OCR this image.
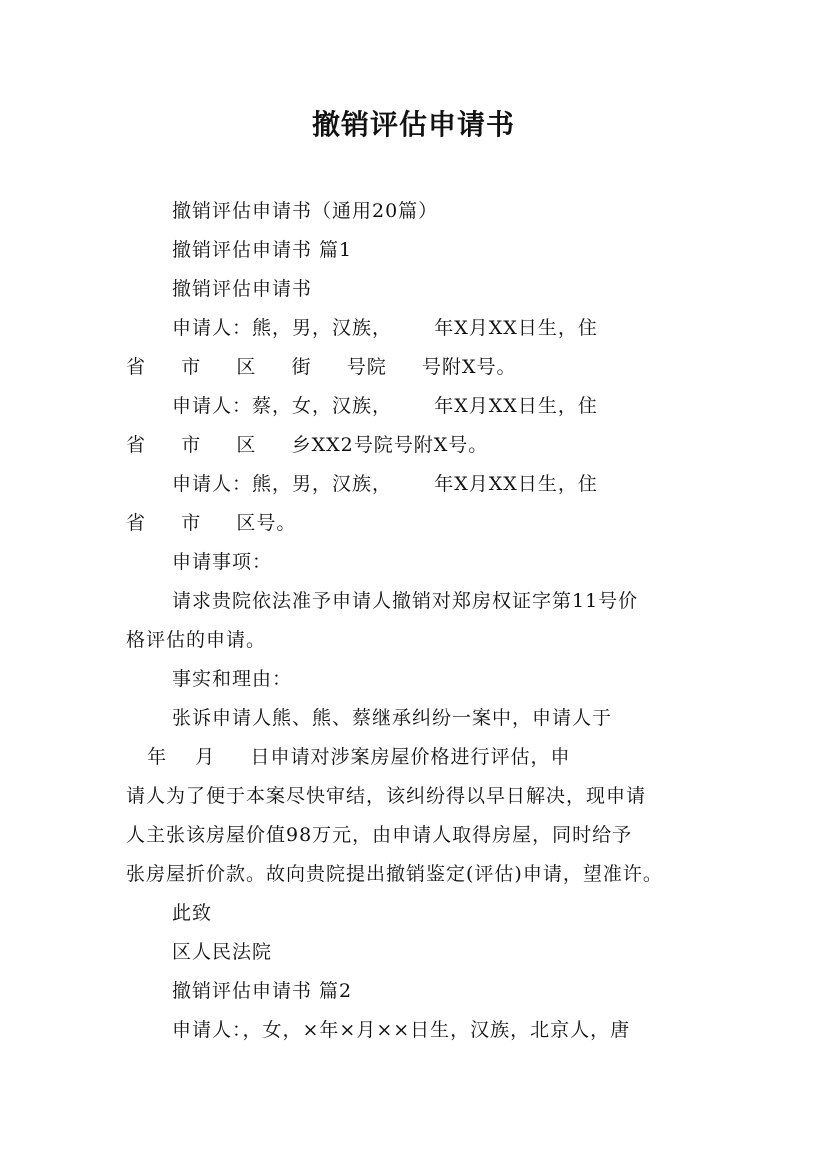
撤销评估申请书
撤销评估申请书（通用20篇）
撤销评估申请书 篇1
撤销评估申请书
申请人：熊，男，汉族，      年X月XX日生，住
省     市     区     街     号院     号附X号。
申请人：蔡，女，汉族，      年X月XX日生，住
省     市     区     乡XX2号院号附X号。
申请人：熊，男，汉族，      年X月XX日生，住
省     市     区号。
申请事项：
请求贵院依法准予申请人撤销对郑房权证字第11号价
格评估的申请。
事实和理由：
张诉申请人熊、熊、蔡继承纠纷一案中，申请人于
年    月     日申请对涉案房屋价格进行评估，申
请人为了便于本案尽快审结，该纠纷得以早日解决，现申请
人主张该房屋价值98万元，由申请人取得房屋，同时给予
张房屋折价款。故向贵院提出撤销鉴定(评估)申请，望准许。
此致
区人民法院
撤销评估申请书 篇2
申请人：，女，×年×月××日生，汉族，北京人，唐
